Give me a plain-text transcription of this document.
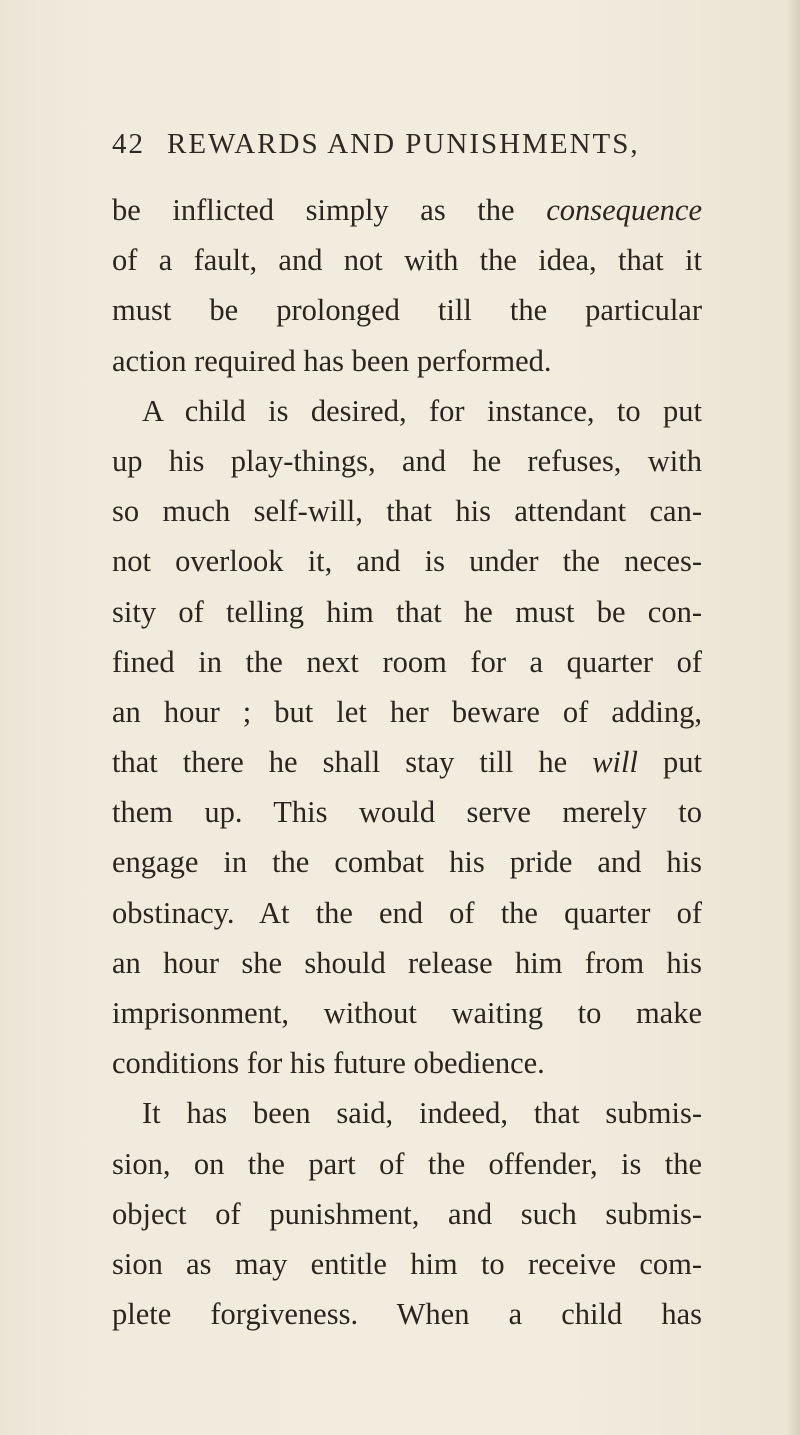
42 REWARDS AND PUNISHMENTS,
be inflicted simply as the consequence
of a fault, and not with the idea, that it
must be prolonged till the particular
action required has been performed.
A child is desired, for instance, to put
up his play-things, and he refuses, with
so much self-will, that his attendant can-
not overlook it, and is under the neces-
sity of telling him that he must be con-
fined in the next room for a quarter of
an hour ; but let her beware of adding,
that there he shall stay till he will put
them up. This would serve merely to
engage in the combat his pride and his
obstinacy. At the end of the quarter of
an hour she should release him from his
imprisonment, without waiting to make
conditions for his future obedience.
It has been said, indeed, that submis-
sion, on the part of the offender, is the
object of punishment, and such submis-
sion as may entitle him to receive com-
plete forgiveness. When a child has
